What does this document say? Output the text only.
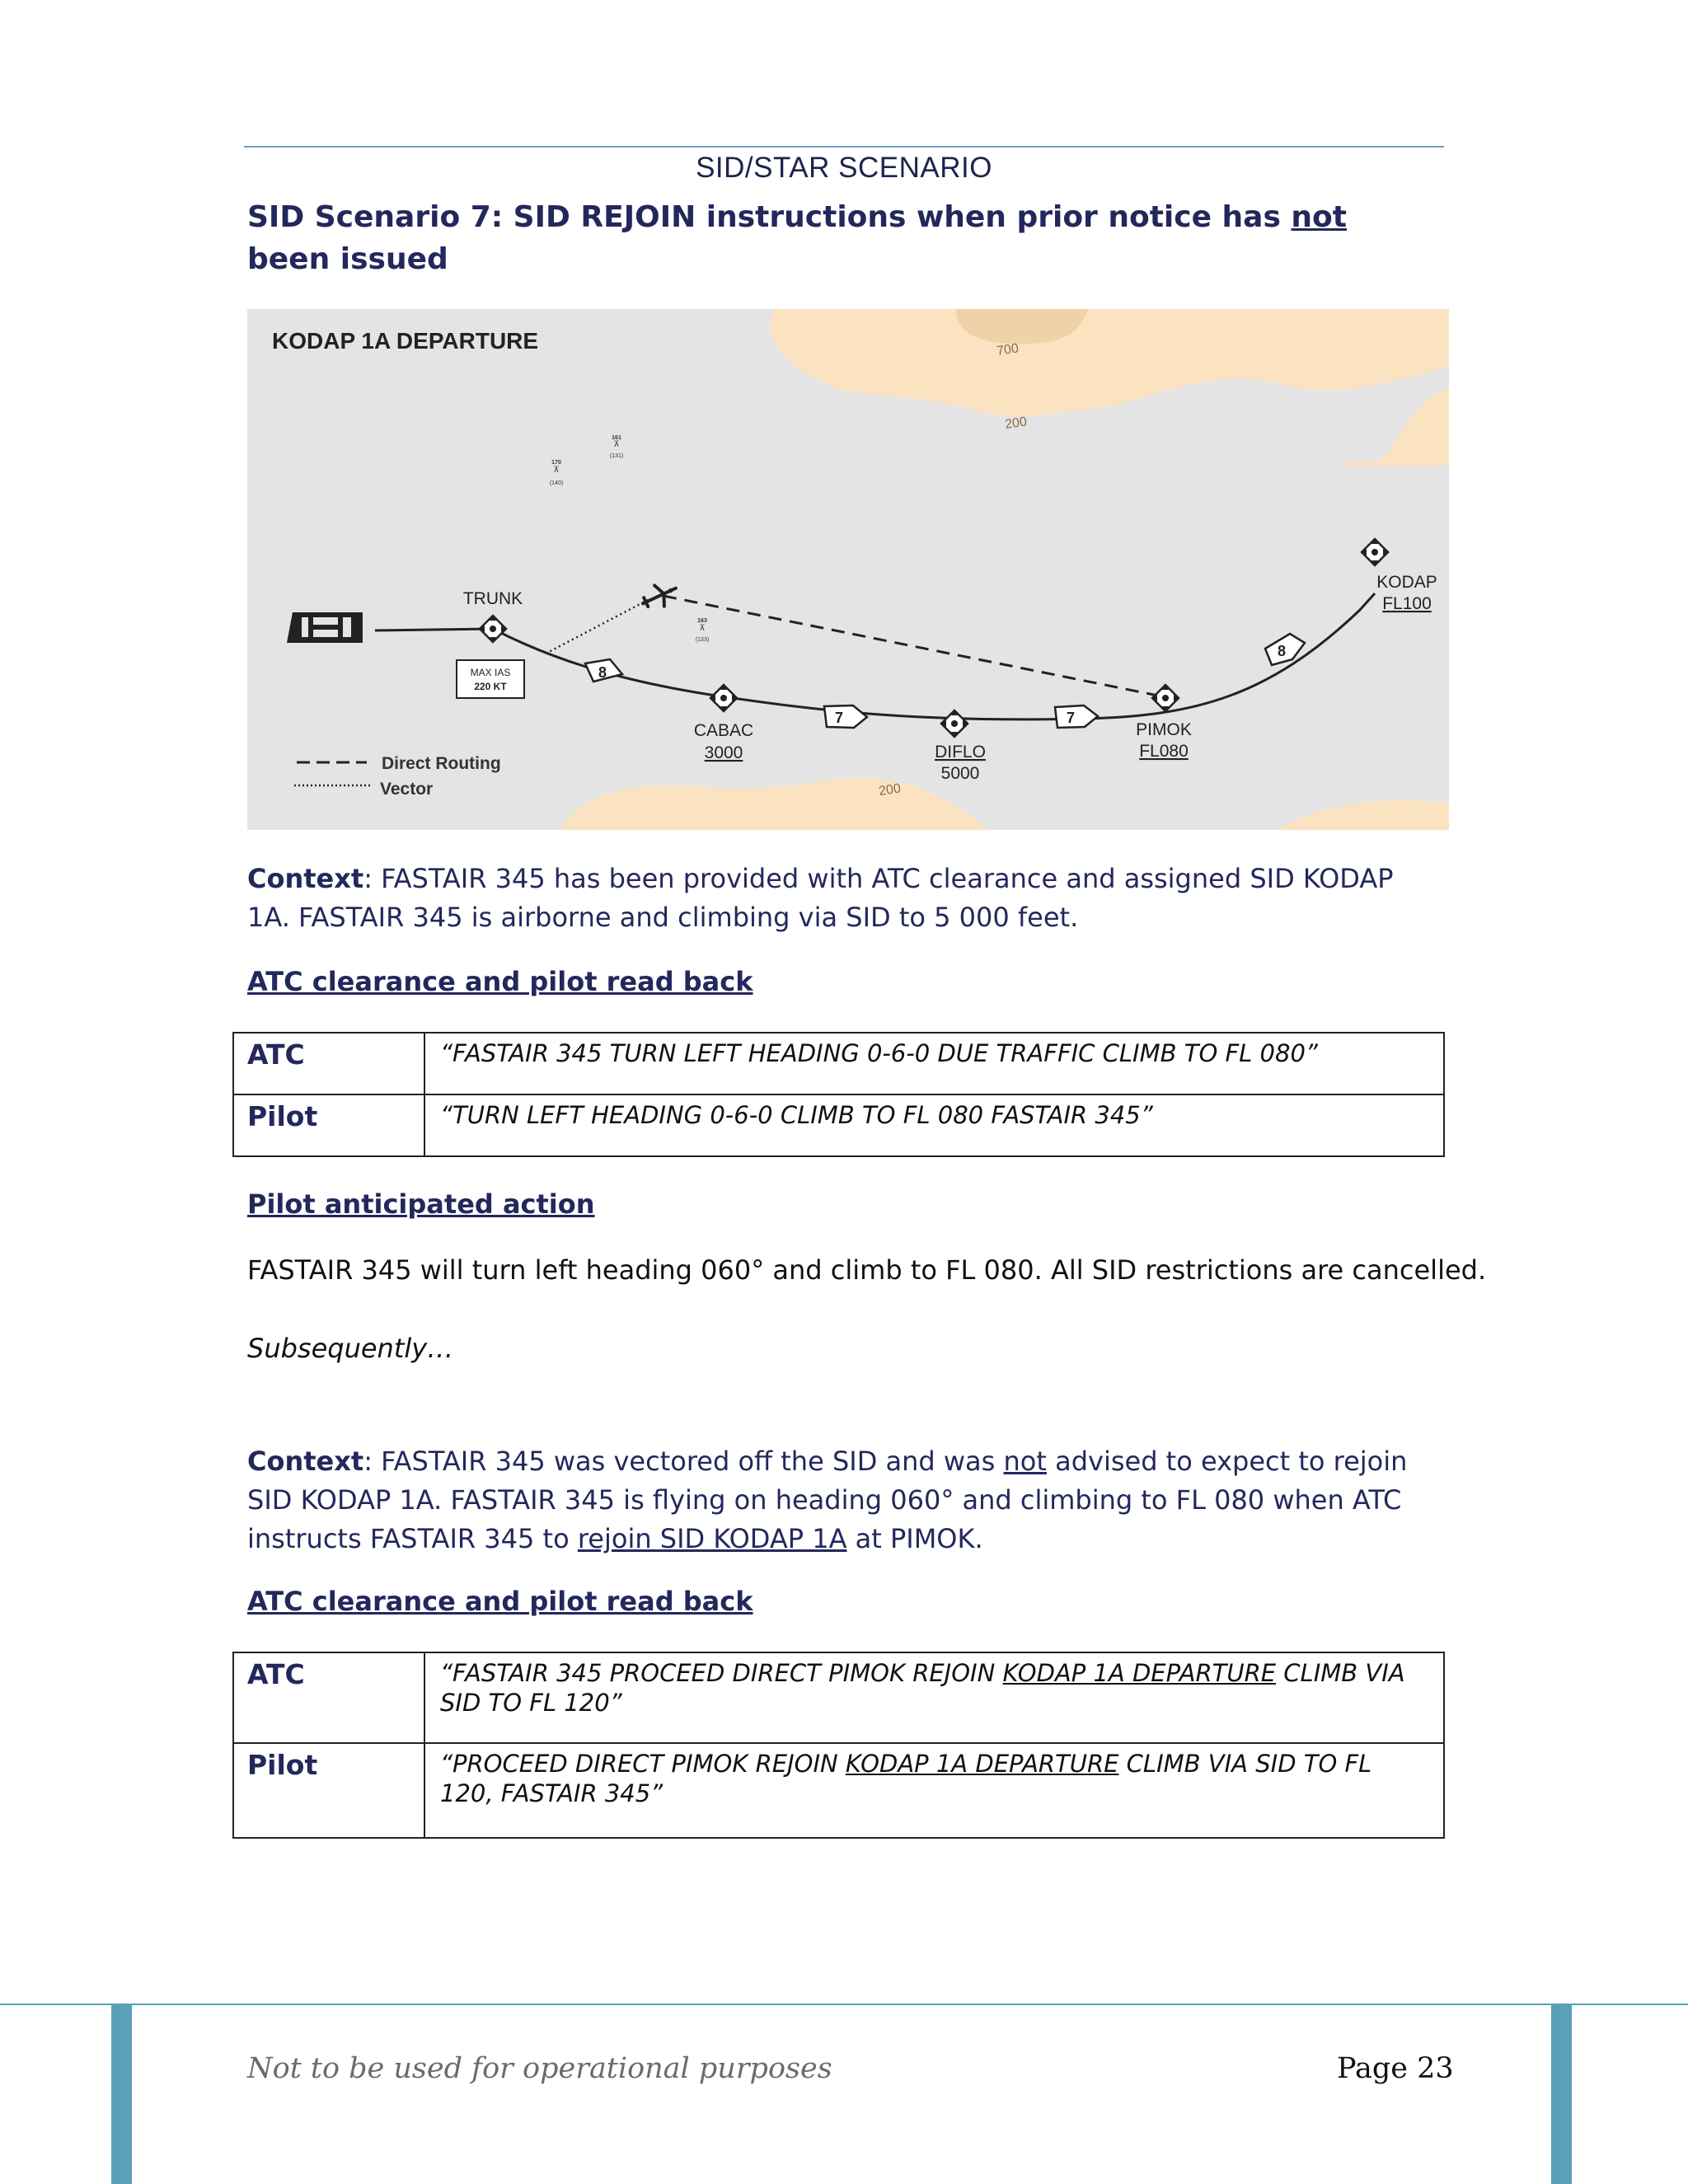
SID/STAR SCENARIO
SID Scenario 7: SID REJOIN instructions when prior notice has not been issued
KODAP 1A DEPARTURE	700
200
200
161
⊼
(131)
170
⊼
(140)
163
⊼
(133)
8
7	7
8
MAX IAS
220 KT
TRUNK
CABAC
3000	DIFLO
5000
PIMOK
FL080
KODAP
FL100
Direct Routing
Vector
Context: FASTAIR 345 has been provided with ATC clearance and assigned SID KODAP 1A. FASTAIR 345 is airborne and climbing via SID to 5 000 feet.
ATC clearance and pilot read back
ATC	“FASTAIR 345 TURN LEFT HEADING 0-6-0 DUE TRAFFIC CLIMB TO FL 080”
Pilot	“TURN LEFT HEADING 0-6-0 CLIMB TO FL 080 FASTAIR 345”
Pilot anticipated action
FASTAIR 345 will turn left heading 060° and climb to FL 080. All SID restrictions are cancelled.
Subsequently…
Context: FASTAIR 345 was vectored off the SID and was not advised to expect to rejoin SID KODAP 1A. FASTAIR 345 is flying on heading 060° and climbing to FL 080 when ATC instructs FASTAIR 345 to rejoin SID KODAP 1A at PIMOK.
ATC clearance and pilot read back
ATC	“FASTAIR 345 PROCEED DIRECT PIMOK REJOIN KODAP 1A DEPARTURE CLIMB VIA SID TO FL 120”
Pilot	“PROCEED DIRECT PIMOK REJOIN KODAP 1A DEPARTURE CLIMB VIA SID TO FL 120, FASTAIR 345”
Not to be used for operational purposes	Page 23
